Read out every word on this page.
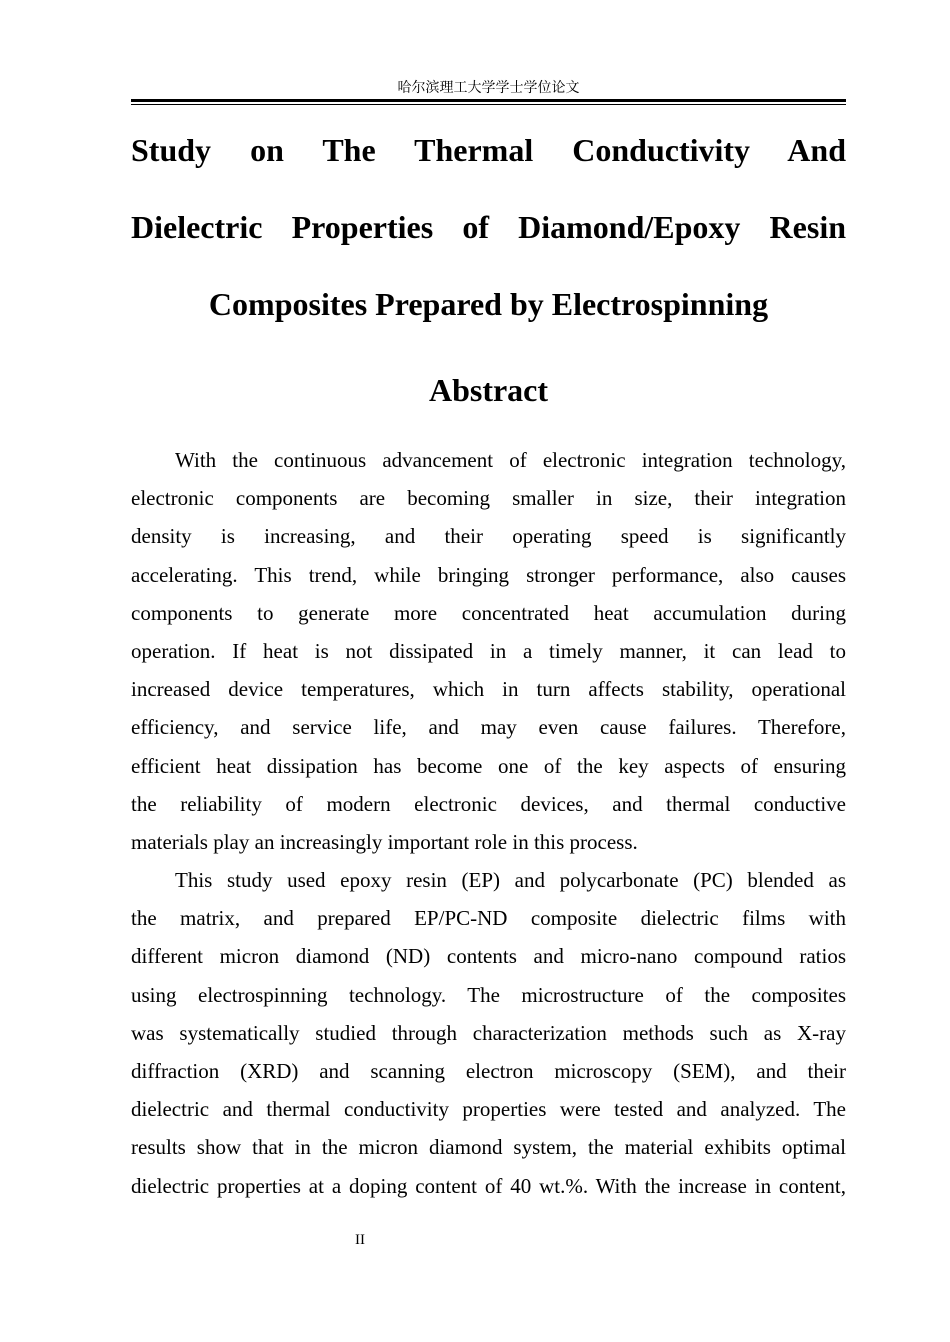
哈尔滨理工大学学士学位论文
Study on The Thermal Conductivity And
Dielectric Properties of Diamond/Epoxy Resin
Composites Prepared by Electrospinning
Abstract

With the continuous advancement of electronic integration technology,
electronic components are becoming smaller in size, their integration
density is increasing, and their operating speed is significantly
accelerating. This trend, while bringing stronger performance, also causes
components to generate more concentrated heat accumulation during
operation. If heat is not dissipated in a timely manner, it can lead to
increased device temperatures, which in turn affects stability, operational
efficiency, and service life, and may even cause failures. Therefore,
efficient heat dissipation has become one of the key aspects of ensuring
the reliability of modern electronic devices, and thermal conductive
materials play an increasingly important role in this process.

This study used epoxy resin (EP) and polycarbonate (PC) blended as
the matrix, and prepared EP/PC-ND composite dielectric films with
different micron diamond (ND) contents and micro-nano compound ratios
using electrospinning technology. The microstructure of the composites
was systematically studied through characterization methods such as X-ray
diffraction (XRD) and scanning electron microscopy (SEM), and their
dielectric and thermal conductivity properties were tested and analyzed. The
results show that in the micron diamond system, the material exhibits optimal
dielectric properties at a doping content of 40 wt.%. With the increase in content,

II
